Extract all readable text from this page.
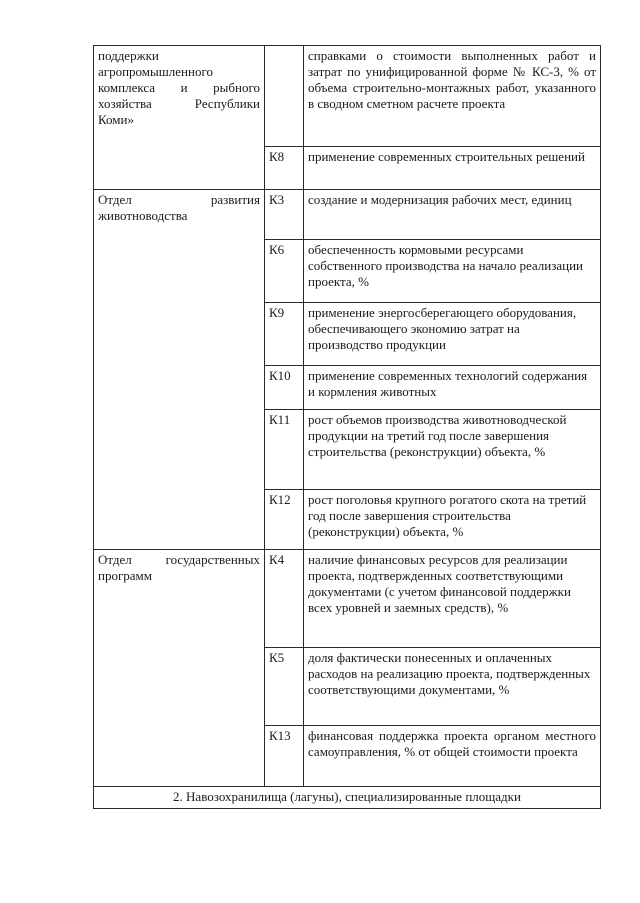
поддержки
агропромышленного
комплекса и рыбного
хозяйства Республики
Коми»		справками о стоимости выполненных работ и затрат по унифицированной форме № КС-3, % от объема строительно-монтажных работ, указанного в сводном сметном расчете проекта
	К8	применение современных строительных решений

Отдел развития
животноводства	К3	создание и модернизация рабочих мест, единиц
	К6	обеспеченность кормовыми ресурсами собственного производства на начало реализации проекта, %
	К9	применение энергосберегающего оборудования, обеспечивающего экономию затрат на производство продукции
	К10	применение современных технологий содержания и кормления животных
	К11	рост объемов производства животноводческой продукции на третий год после завершения строительства (реконструкции) объекта, %
	К12	рост поголовья крупного рогатого скота на третий год после завершения строительства (реконструкции) объекта, %

Отдел государственных
программ	К4	наличие финансовых ресурсов для реализации проекта, подтвержденных соответствующими документами (с учетом финансовой поддержки всех уровней и заемных средств), %
	К5	доля фактически понесенных и оплаченных расходов на реализацию проекта, подтвержденных соответствующими документами, %
	К13	финансовая поддержка проекта органом местного самоуправления, % от общей стоимости проекта
2. Навозохранилища (лагуны), специализированные площадки		
